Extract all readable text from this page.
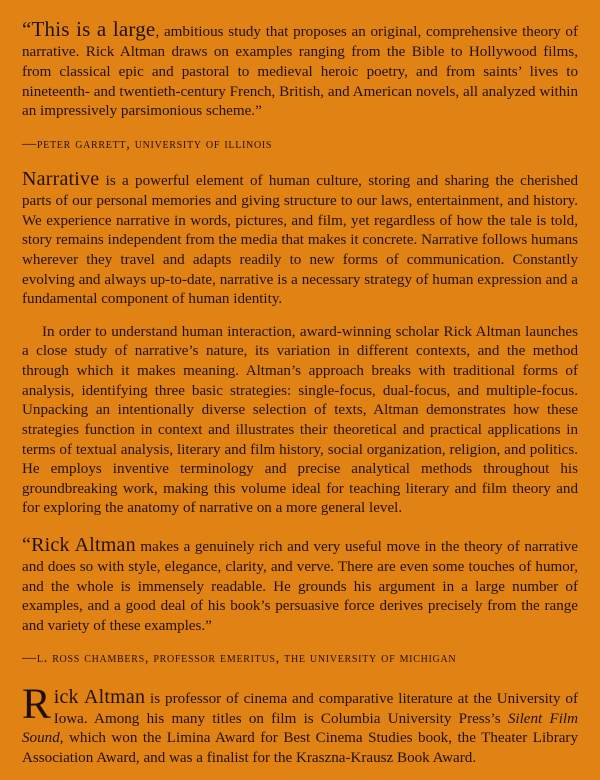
“This is a large, ambitious study that proposes an original, comprehensive theory of narrative. Rick Altman draws on examples ranging from the Bible to Hollywood films, from classical epic and pastoral to medieval heroic poetry, and from saints’ lives to nineteenth- and twentieth-century French, British, and American novels, all analyzed within an impressively parsimonious scheme.”

—peter garrett, university of illinois

Narrative is a powerful element of human culture, storing and sharing the cherished parts of our personal memories and giving structure to our laws, entertainment, and history. We experience narrative in words, pictures, and film, yet regardless of how the tale is told, story remains independent from the media that makes it concrete. Narrative follows humans wherever they travel and adapts readily to new forms of communication. Constantly evolving and always up-to-date, narrative is a necessary strategy of human expression and a fundamental component of human identity.

In order to understand human interaction, award-winning scholar Rick Altman launches a close study of narrative’s nature, its variation in different contexts, and the method through which it makes meaning. Altman’s approach breaks with traditional forms of analysis, identifying three basic strategies: single-focus, dual-focus, and multiple-focus. Unpacking an intentionally diverse selection of texts, Altman demonstrates how these strategies function in context and illustrates their theoretical and practical applications in terms of textual analysis, literary and film history, social organization, religion, and politics. He employs inventive terminology and precise analytical methods throughout his groundbreaking work, making this volume ideal for teaching literary and film theory and for exploring the anatomy of narrative on a more general level.

“Rick Altman makes a genuinely rich and very useful move in the theory of narrative and does so with style, elegance, clarity, and verve. There are even some touches of humor, and the whole is immensely readable. He grounds his argument in a large number of examples, and a good deal of his book’s persuasive force derives precisely from the range and variety of these examples.”

—l. ross chambers, professor emeritus, the university of michigan

R ick Altman is professor of cinema and comparative literature at the University of Iowa. Among his many titles on film is Columbia University Press’s Silent Film Sound, which won the Limina Award for Best Cinema Studies book, the Theater Library Association Award, and was a finalist for the Kraszna-Krausz Book Award.
